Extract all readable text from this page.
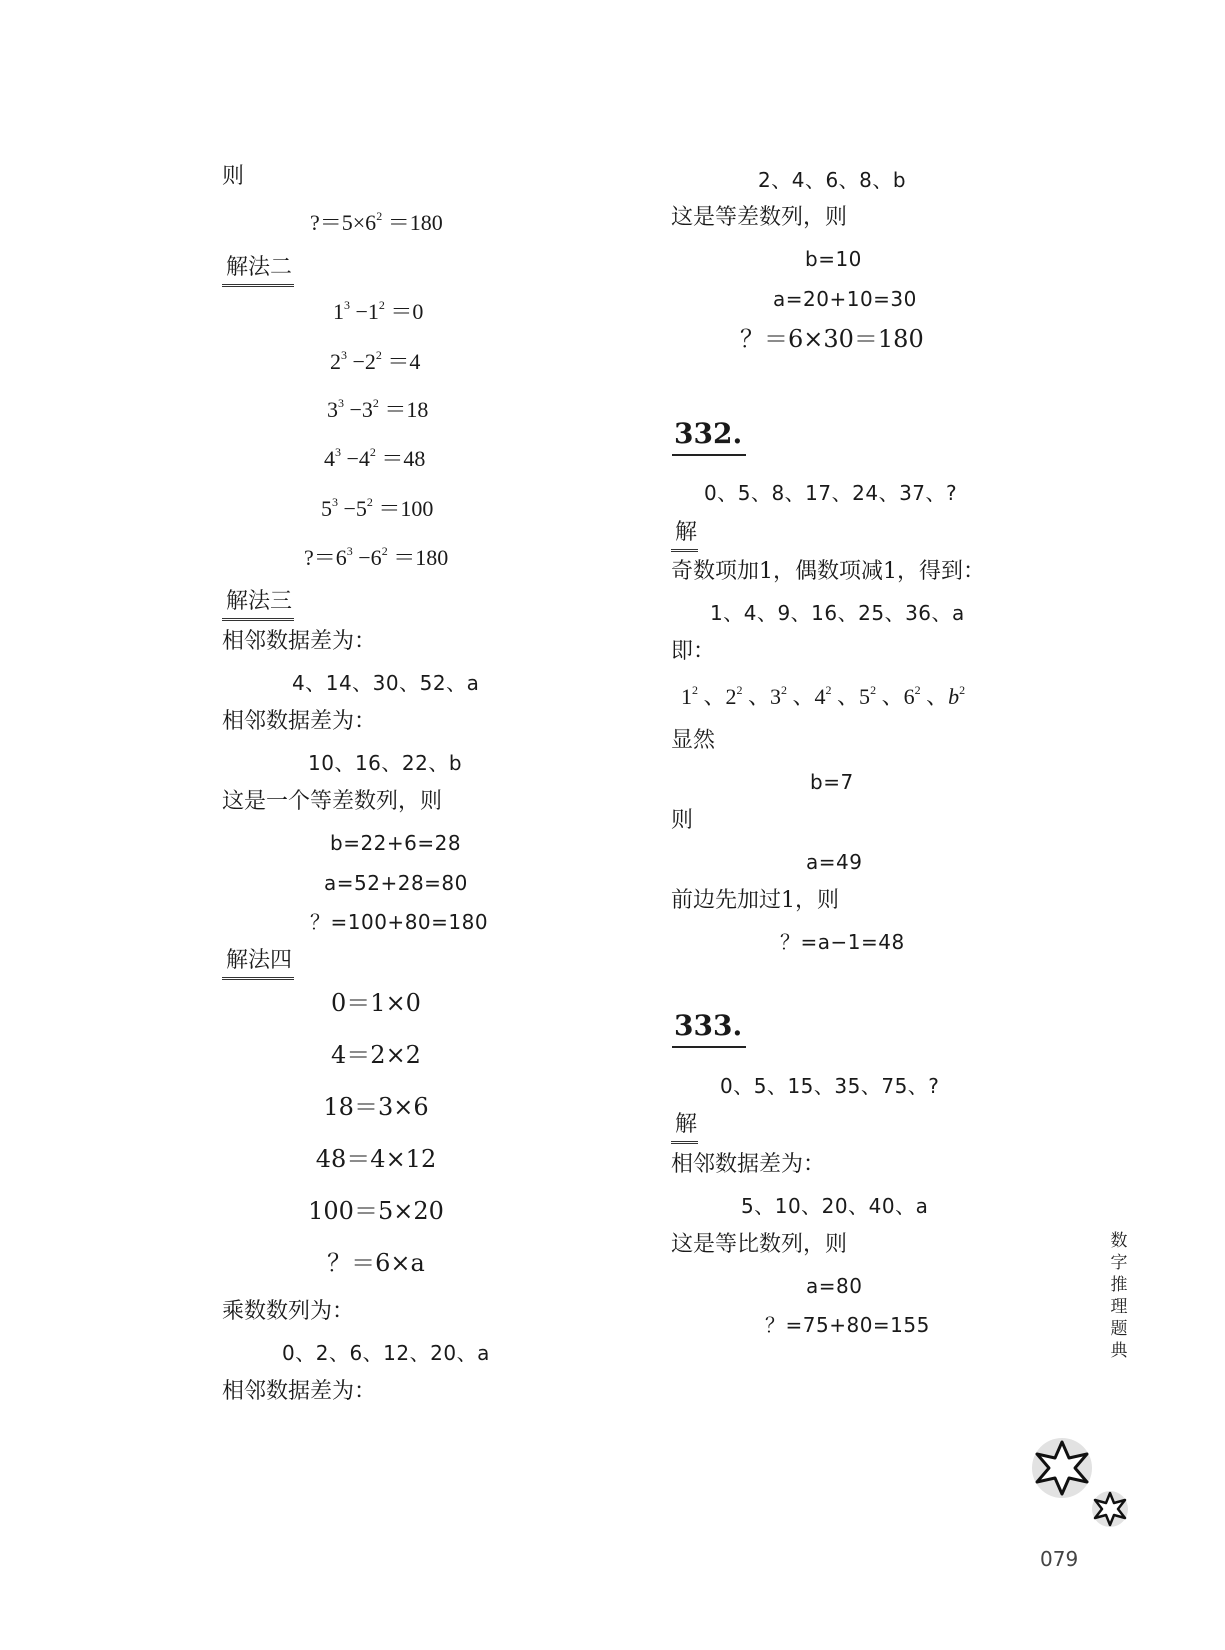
则
$?=5\times 6^2 =180$
解法二
$1^3 -1^2 =0$
$2^3 -2^2 =4$
$3^3 -3^2 =18$
$4^3 -4^2 =48$
$5^3 -5^2 =100$
$?=6^3 -6^2 =180$
解法三
相邻数据差为：
4、14、30、52、a
相邻数据差为：
10、16、22、b
这是一个等差数列，则
b=22+6=28
a=52+28=80
？=100+80=180
解法四
0＝1×0
4＝2×2
18＝3×6
48＝4×12
100＝5×20
？＝6×a
乘数数列为：
0、2、6、12、20、a
相邻数据差为：
2、4、6、8、b
这是等差数列，则
b=10
a=20+10=30
？＝6×30＝180
332.
0、5、8、17、24、37、?
解
奇数项加1，偶数项减1，得到：
1、4、9、16、25、36、a
即：
$1^2$ 、$2^2$ 、$3^2$ 、$4^2$ 、$5^2$ 、$6^2$ 、$b^2$
显然
b=7
则
a=49
前边先加过1，则
？=a−1=48
333.
0、5、15、35、75、?
解
相邻数据差为：
5、10、20、40、a
这是等比数列，则
a=80
？=75+80=155
数
字
推
理
题
典
079
